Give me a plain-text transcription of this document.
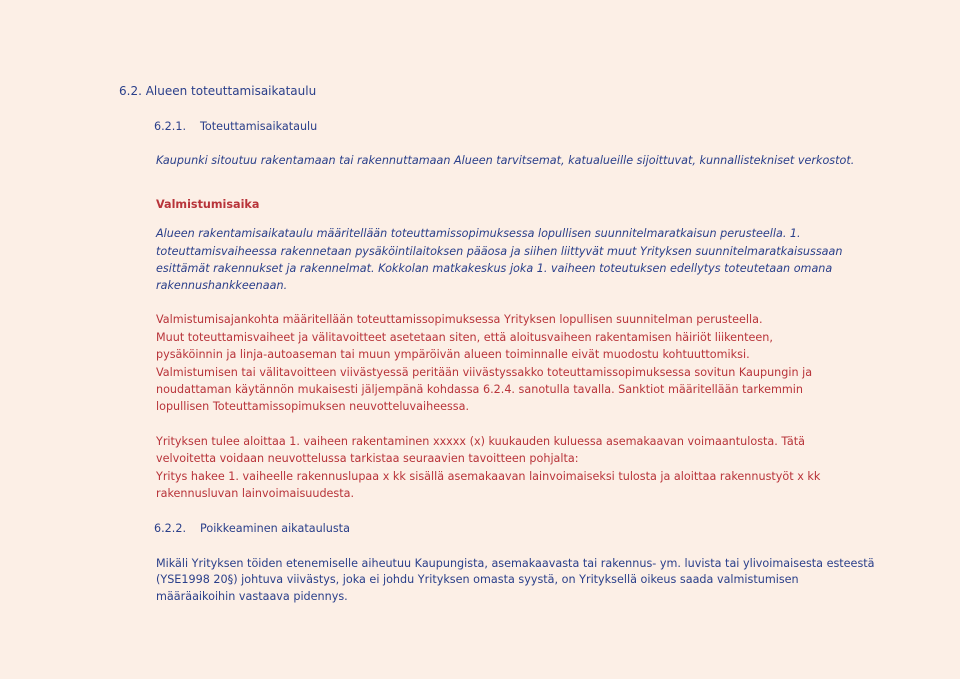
6.2. Alueen toteuttamisaikataulu
6.2.1. Toteuttamisaikataulu
Kaupunki sitoutuu rakentamaan tai rakennuttamaan Alueen tarvitsemat, katualueille sijoittuvat, kunnallistekniset verkostot.
Valmistumisaika
Alueen rakentamisaikataulu määritellään toteuttamissopimuksessa lopullisen suunnitelmaratkaisun perusteella. 1.
toteuttamisvaiheessa rakennetaan pysäköintilaitoksen pääosa ja siihen liittyvät muut Yrityksen suunnitelmaratkaisussaan
esittämät rakennukset ja rakennelmat. Kokkolan matkakeskus joka 1. vaiheen toteutuksen edellytys toteutetaan omana
rakennushankkeenaan.
Valmistumisajankohta määritellään toteuttamissopimuksessa Yrityksen lopullisen suunnitelman perusteella.
Muut toteuttamisvaiheet ja välitavoitteet asetetaan siten, että aloitusvaiheen rakentamisen häiriöt liikenteen,
pysäköinnin ja linja-autoaseman tai muun ympäröivän alueen toiminnalle eivät muodostu kohtuuttomiksi.
Valmistumisen tai välitavoitteen viivästyessä peritään viivästyssakko toteuttamissopimuksessa sovitun Kaupungin ja
noudattaman käytännön mukaisesti jäljempänä kohdassa 6.2.4. sanotulla tavalla. Sanktiot määritellään tarkemmin
lopullisen Toteuttamissopimuksen neuvotteluvaiheessa.
Yrityksen tulee aloittaa 1. vaiheen rakentaminen xxxxx (x) kuukauden kuluessa asemakaavan voimaantulosta. Tätä
velvoitetta voidaan neuvottelussa tarkistaa seuraavien tavoitteen pohjalta:
Yritys hakee 1. vaiheelle rakennuslupaa x kk sisällä asemakaavan lainvoimaiseksi tulosta ja aloittaa rakennustyöt x kk
rakennusluvan lainvoimaisuudesta.
6.2.2. Poikkeaminen aikataulusta
Mikäli Yrityksen töiden etenemiselle aiheutuu Kaupungista, asemakaavasta tai rakennus- ym. luvista tai ylivoimaisesta esteestä
(YSE1998 20§) johtuva viivästys, joka ei johdu Yrityksen omasta syystä, on Yrityksellä oikeus saada valmistumisen
määräaikoihin vastaava pidennys.
